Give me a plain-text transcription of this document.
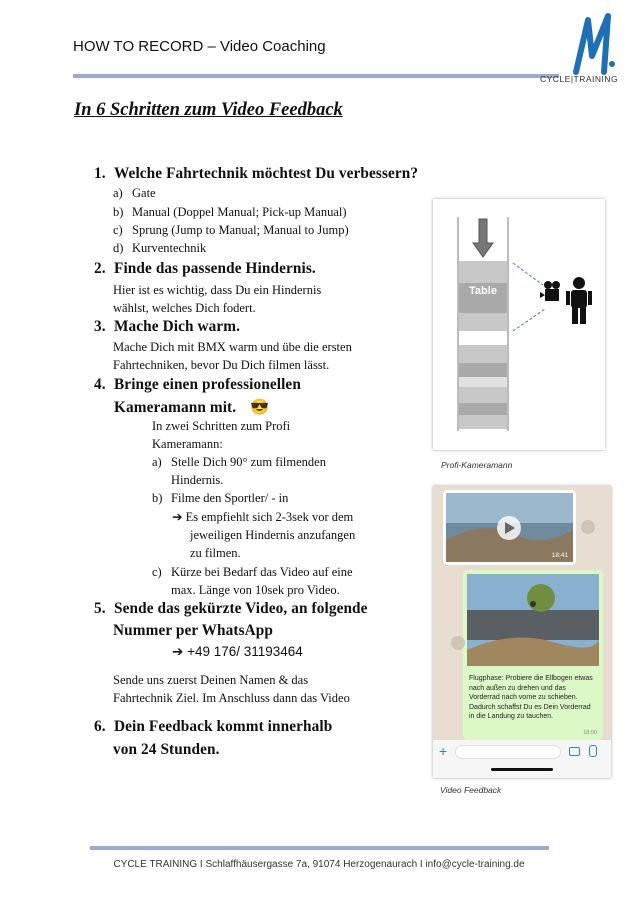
HOW TO RECORD – Video Coaching
CYCLE|TRAINING
In 6 Schritten zum Video Feedback
1. Welche Fahrtechnik möchtest Du verbessern?
a) Gate
b) Manual (Doppel Manual; Pick-up Manual)
c) Sprung (Jump to Manual; Manual to Jump)
d) Kurventechnik
2. Finde das passende Hindernis.
Hier ist es wichtig, dass Du ein Hindernis
wählst, welches Dich fodert.
3. Mache Dich warm.
Mache Dich mit BMX warm und übe die ersten
Fahrtechniken, bevor Du Dich filmen lässt.
4. Bringe einen professionellen
Kameramann mit. 😎
In zwei Schritten zum Profi
Kameramann:
a) Stelle Dich 90° zum filmenden
Hindernis.
b) Filme den Sportler/ - in
➔ Es empfiehlt sich 2-3sek vor dem
jeweiligen Hindernis anzufangen
zu filmen.
c) Kürze bei Bedarf das Video auf eine
max. Länge von 10sek pro Video.
5. Sende das gekürzte Video, an folgende
Nummer per WhatsApp
➔ +49 176/ 31193464
Sende uns zuerst Deinen Namen & das
Fahrtechnik Ziel. Im Anschluss dann das Video
6. Dein Feedback kommt innerhalb
von 24 Stunden.
Table
Profi-Kameramann
18:41
Flugphase: Probiere die Ellbogen etwas nach außen zu drehen und das Vorderrad nach vorne zu schieben. Dadurch schaffst Du es Dein Vorderrad in die Landung zu tauchen.
18:00
+
Video Feedback
CYCLE TRAINING I Schlaffhäusergasse 7a, 91074 Herzogenaurach I info@cycle-training.de
